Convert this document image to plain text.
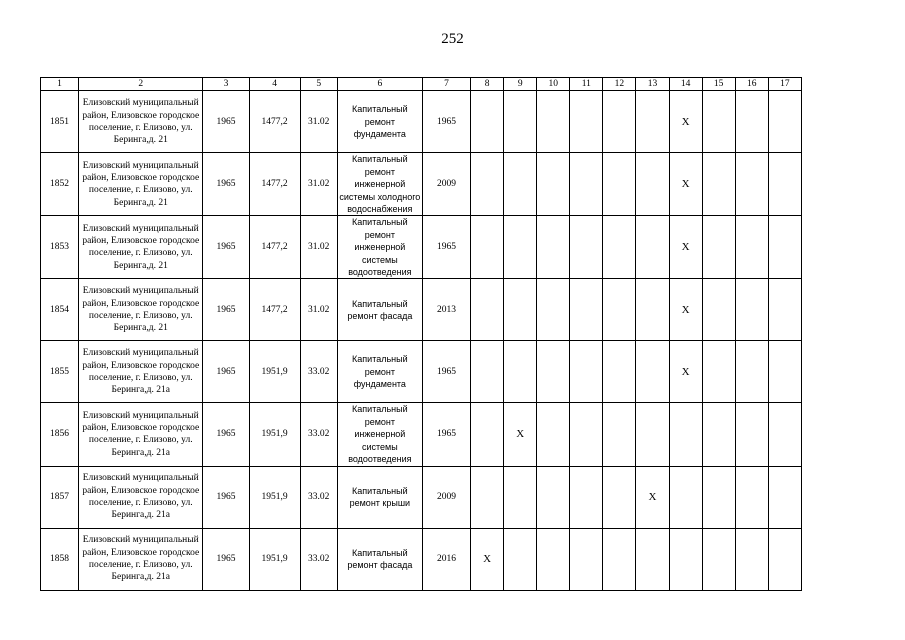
252
1	2	3	4	5	6	7	8	9	10	11	12	13	14	15	16	17
1851	Елизовский муниципальный район, Елизовское городское поселение, г. Елизово, ул. Беринга,д. 21	1965	1477,2	31.02	Капитальный ремонт фундамента	1965							X			
1852	Елизовский муниципальный район, Елизовское городское поселение, г. Елизово, ул. Беринга,д. 21	1965	1477,2	31.02	Капитальный ремонт инженерной системы холодного водоснабжения	2009							X			
1853	Елизовский муниципальный район, Елизовское городское поселение, г. Елизово, ул. Беринга,д. 21	1965	1477,2	31.02	Капитальный ремонт инженерной системы водоотведения	1965							X			
1854	Елизовский муниципальный район, Елизовское городское поселение, г. Елизово, ул. Беринга,д. 21	1965	1477,2	31.02	Капитальный ремонт фасада	2013							X			
1855	Елизовский муниципальный район, Елизовское городское поселение, г. Елизово, ул. Беринга,д. 21а	1965	1951,9	33.02	Капитальный ремонт фундамента	1965							X			
1856	Елизовский муниципальный район, Елизовское городское поселение, г. Елизово, ул. Беринга,д. 21а	1965	1951,9	33.02	Капитальный ремонт инженерной системы водоотведения	1965		X								
1857	Елизовский муниципальный район, Елизовское городское поселение, г. Елизово, ул. Беринга,д. 21а	1965	1951,9	33.02	Капитальный ремонт крыши	2009						X				
1858	Елизовский муниципальный район, Елизовское городское поселение, г. Елизово, ул. Беринга,д. 21а	1965	1951,9	33.02	Капитальный ремонт фасада	2016	X									
